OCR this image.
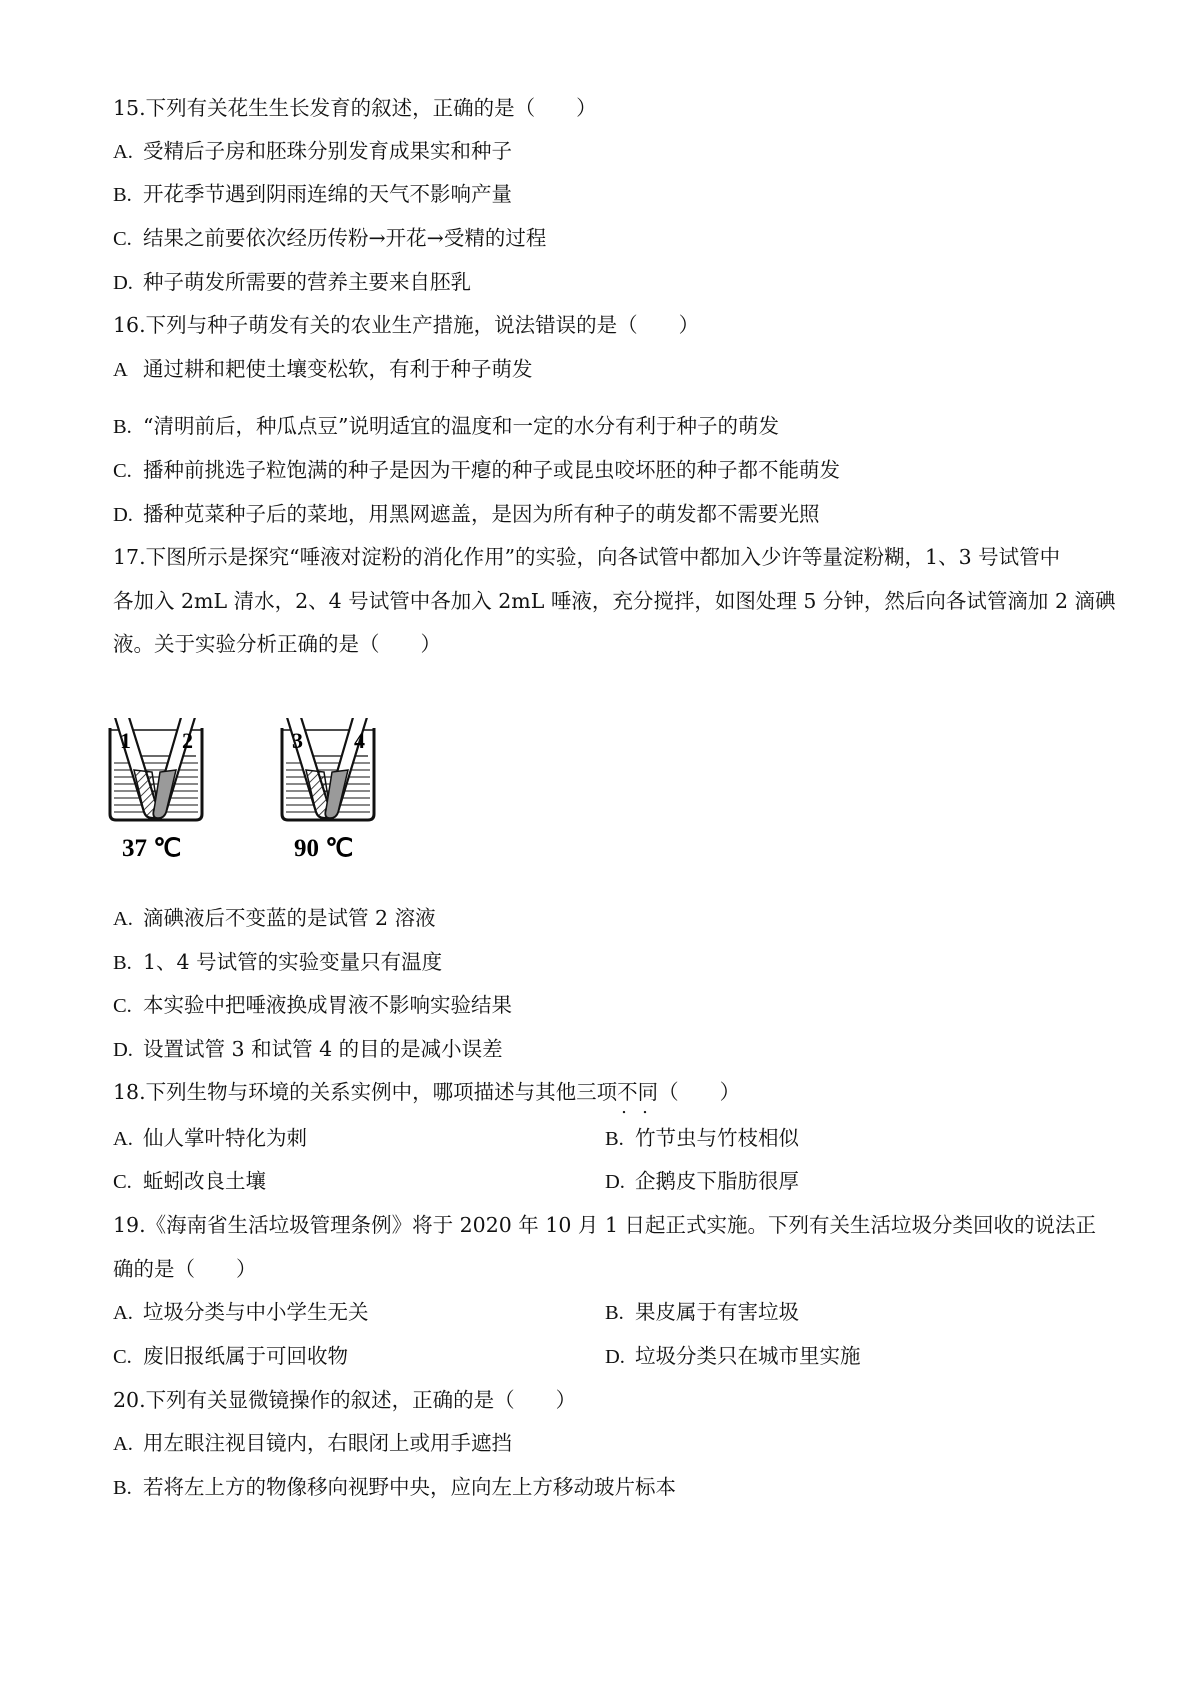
15.下列有关花生生长发育的叙述，正确的是（　　）
A. 受精后子房和胚珠分别发育成果实和种子
B. 开花季节遇到阴雨连绵的天气不影响产量
C. 结果之前要依次经历传粉→开花→受精的过程
D. 种子萌发所需要的营养主要来自胚乳
16.下列与种子萌发有关的农业生产措施，说法错误的是（　　）
A 通过耕和耙使土壤变松软，有利于种子萌发
B. “清明前后，种瓜点豆”说明适宜的温度和一定的水分有利于种子的萌发
C. 播种前挑选子粒饱满的种子是因为干瘪的种子或昆虫咬坏胚的种子都不能萌发
D. 播种苋菜种子后的菜地，用黑网遮盖，是因为所有种子的萌发都不需要光照
17.下图所示是探究“唾液对淀粉的消化作用”的实验，向各试管中都加入少许等量淀粉糊，1、3 号试管中
各加入 2mL 清水，2、4 号试管中各加入 2mL 唾液，充分搅拌，如图处理 5 分钟，然后向各试管滴加 2 滴碘
液。关于实验分析正确的是（　　）
1 2	3 4
37 ℃	90 ℃
A. 滴碘液后不变蓝的是试管 2 溶液
B. 1、4 号试管的实验变量只有温度
C. 本实验中把唾液换成胃液不影响实验结果
D. 设置试管 3 和试管 4 的目的是减小误差
18.下列生物与环境的关系实例中，哪项描述与其他三项不同（　　）
A. 仙人掌叶特化为刺	B. 竹节虫与竹枝相似
C. 蚯蚓改良土壤	D. 企鹅皮下脂肪很厚
19.《海南省生活垃圾管理条例》将于 2020 年 10 月 1 日起正式实施。下列有关生活垃圾分类回收的说法正
确的是（　　）
A. 垃圾分类与中小学生无关	B. 果皮属于有害垃圾
C. 废旧报纸属于可回收物	D. 垃圾分类只在城市里实施
20.下列有关显微镜操作的叙述，正确的是（　　）
A. 用左眼注视目镜内，右眼闭上或用手遮挡
B. 若将左上方的物像移向视野中央，应向左上方移动玻片标本
